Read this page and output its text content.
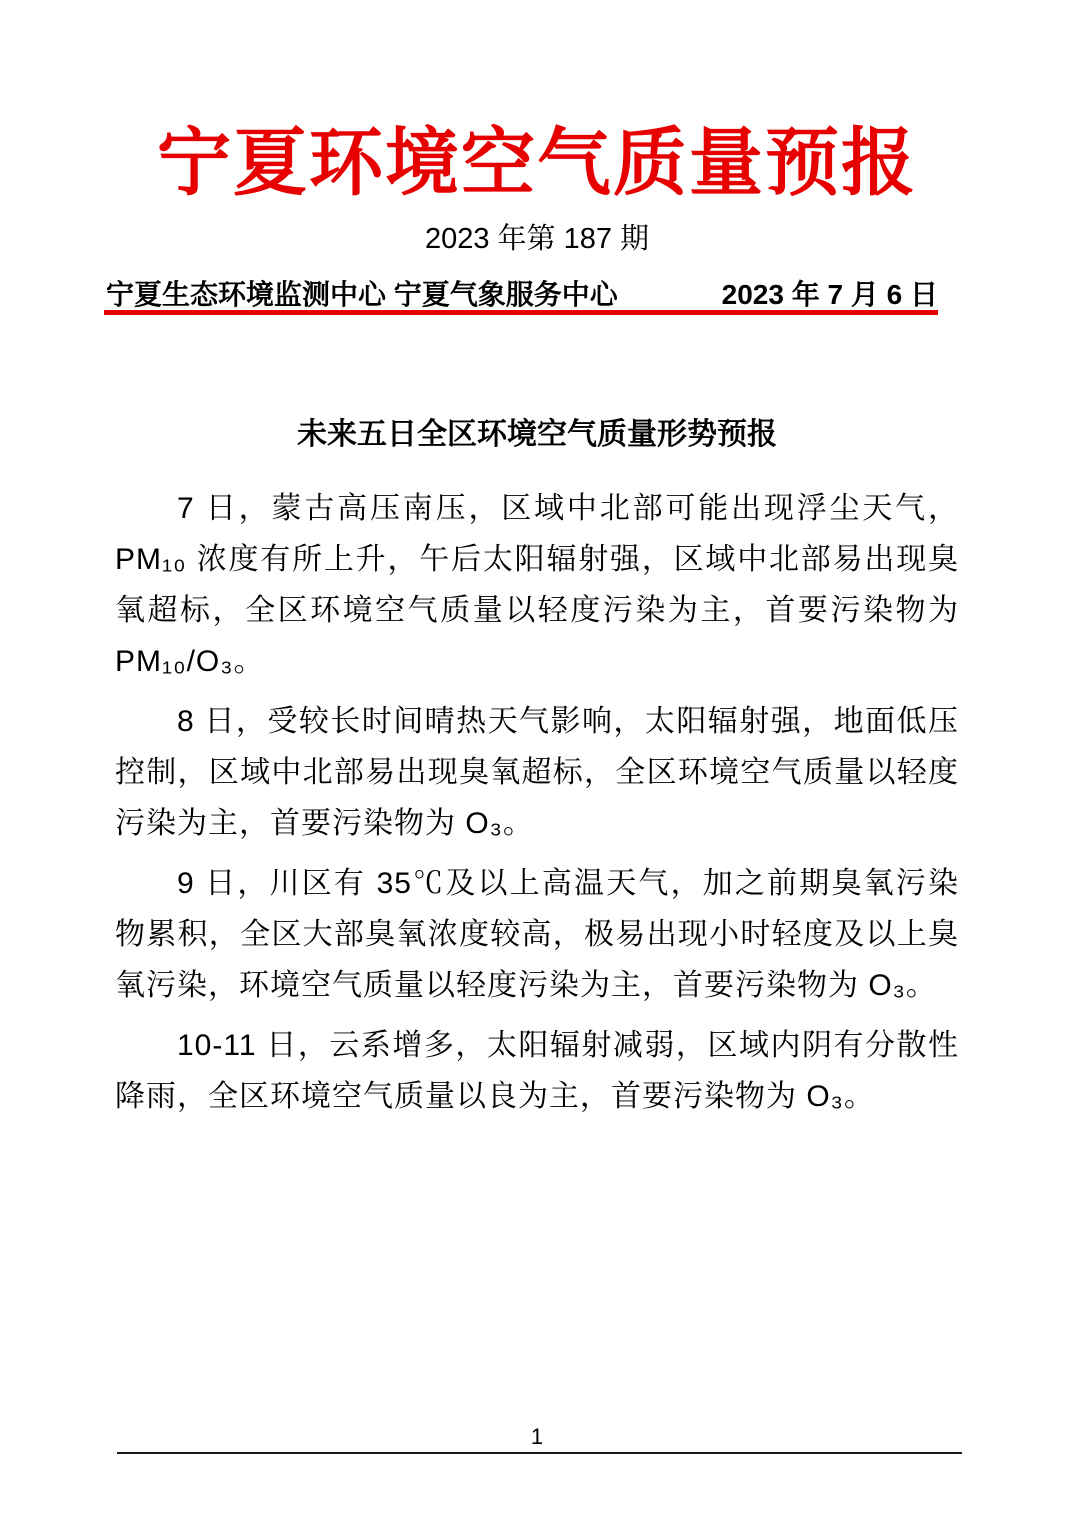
宁夏环境空气质量预报
2023 年第 187 期
宁夏生态环境监测中心 宁夏气象服务中心	2023 年 7 月 6 日
未来五日全区环境空气质量形势预报

7 日，蒙古高压南压，区域中北部可能出现浮尘天气，PM₁₀ 浓度有所上升，午后太阳辐射强，区域中北部易出现臭氧超标，全区环境空气质量以轻度污染为主，首要污染物为 PM₁₀/O₃。

8 日，受较长时间晴热天气影响，太阳辐射强，地面低压控制，区域中北部易出现臭氧超标，全区环境空气质量以轻度污染为主，首要污染物为 O₃。

9 日，川区有 35℃及以上高温天气，加之前期臭氧污染物累积，全区大部臭氧浓度较高，极易出现小时轻度及以上臭氧污染，环境空气质量以轻度污染为主，首要污染物为 O₃。

10-11 日，云系增多，太阳辐射减弱，区域内阴有分散性降雨，全区环境空气质量以良为主，首要污染物为 O₃。

1
